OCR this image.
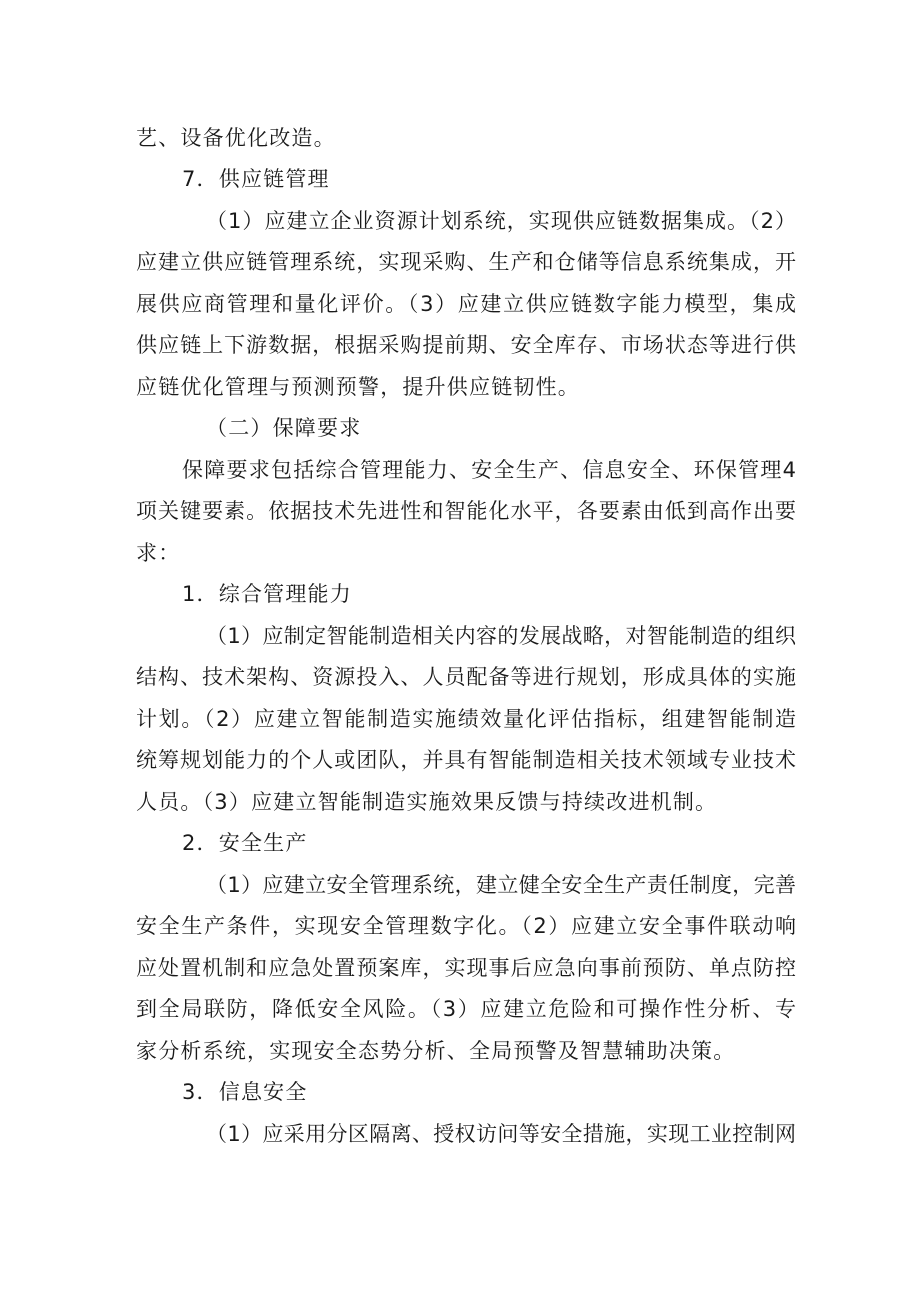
艺、设备优化改造。
7．供应链管理
（1）应建立企业资源计划系统，实现供应链数据集成。（2）
应建立供应链管理系统，实现采购、生产和仓储等信息系统集成，开
展供应商管理和量化评价。（3）应建立供应链数字能力模型，集成
供应链上下游数据，根据采购提前期、安全库存、市场状态等进行供
应链优化管理与预测预警，提升供应链韧性。
（二）保障要求
保障要求包括综合管理能力、安全生产、信息安全、环保管理4
项关键要素。依据技术先进性和智能化水平，各要素由低到高作出要
求：
1．综合管理能力
（1）应制定智能制造相关内容的发展战略，对智能制造的组织
结构、技术架构、资源投入、人员配备等进行规划，形成具体的实施
计划。（2）应建立智能制造实施绩效量化评估指标，组建智能制造
统筹规划能力的个人或团队，并具有智能制造相关技术领域专业技术
人员。（3）应建立智能制造实施效果反馈与持续改进机制。
2．安全生产
（1）应建立安全管理系统，建立健全安全生产责任制度，完善
安全生产条件，实现安全管理数字化。（2）应建立安全事件联动响
应处置机制和应急处置预案库，实现事后应急向事前预防、单点防控
到全局联防，降低安全风险。（3）应建立危险和可操作性分析、专
家分析系统，实现安全态势分析、全局预警及智慧辅助决策。
3．信息安全
（1）应采用分区隔离、授权访问等安全措施，实现工业控制网
